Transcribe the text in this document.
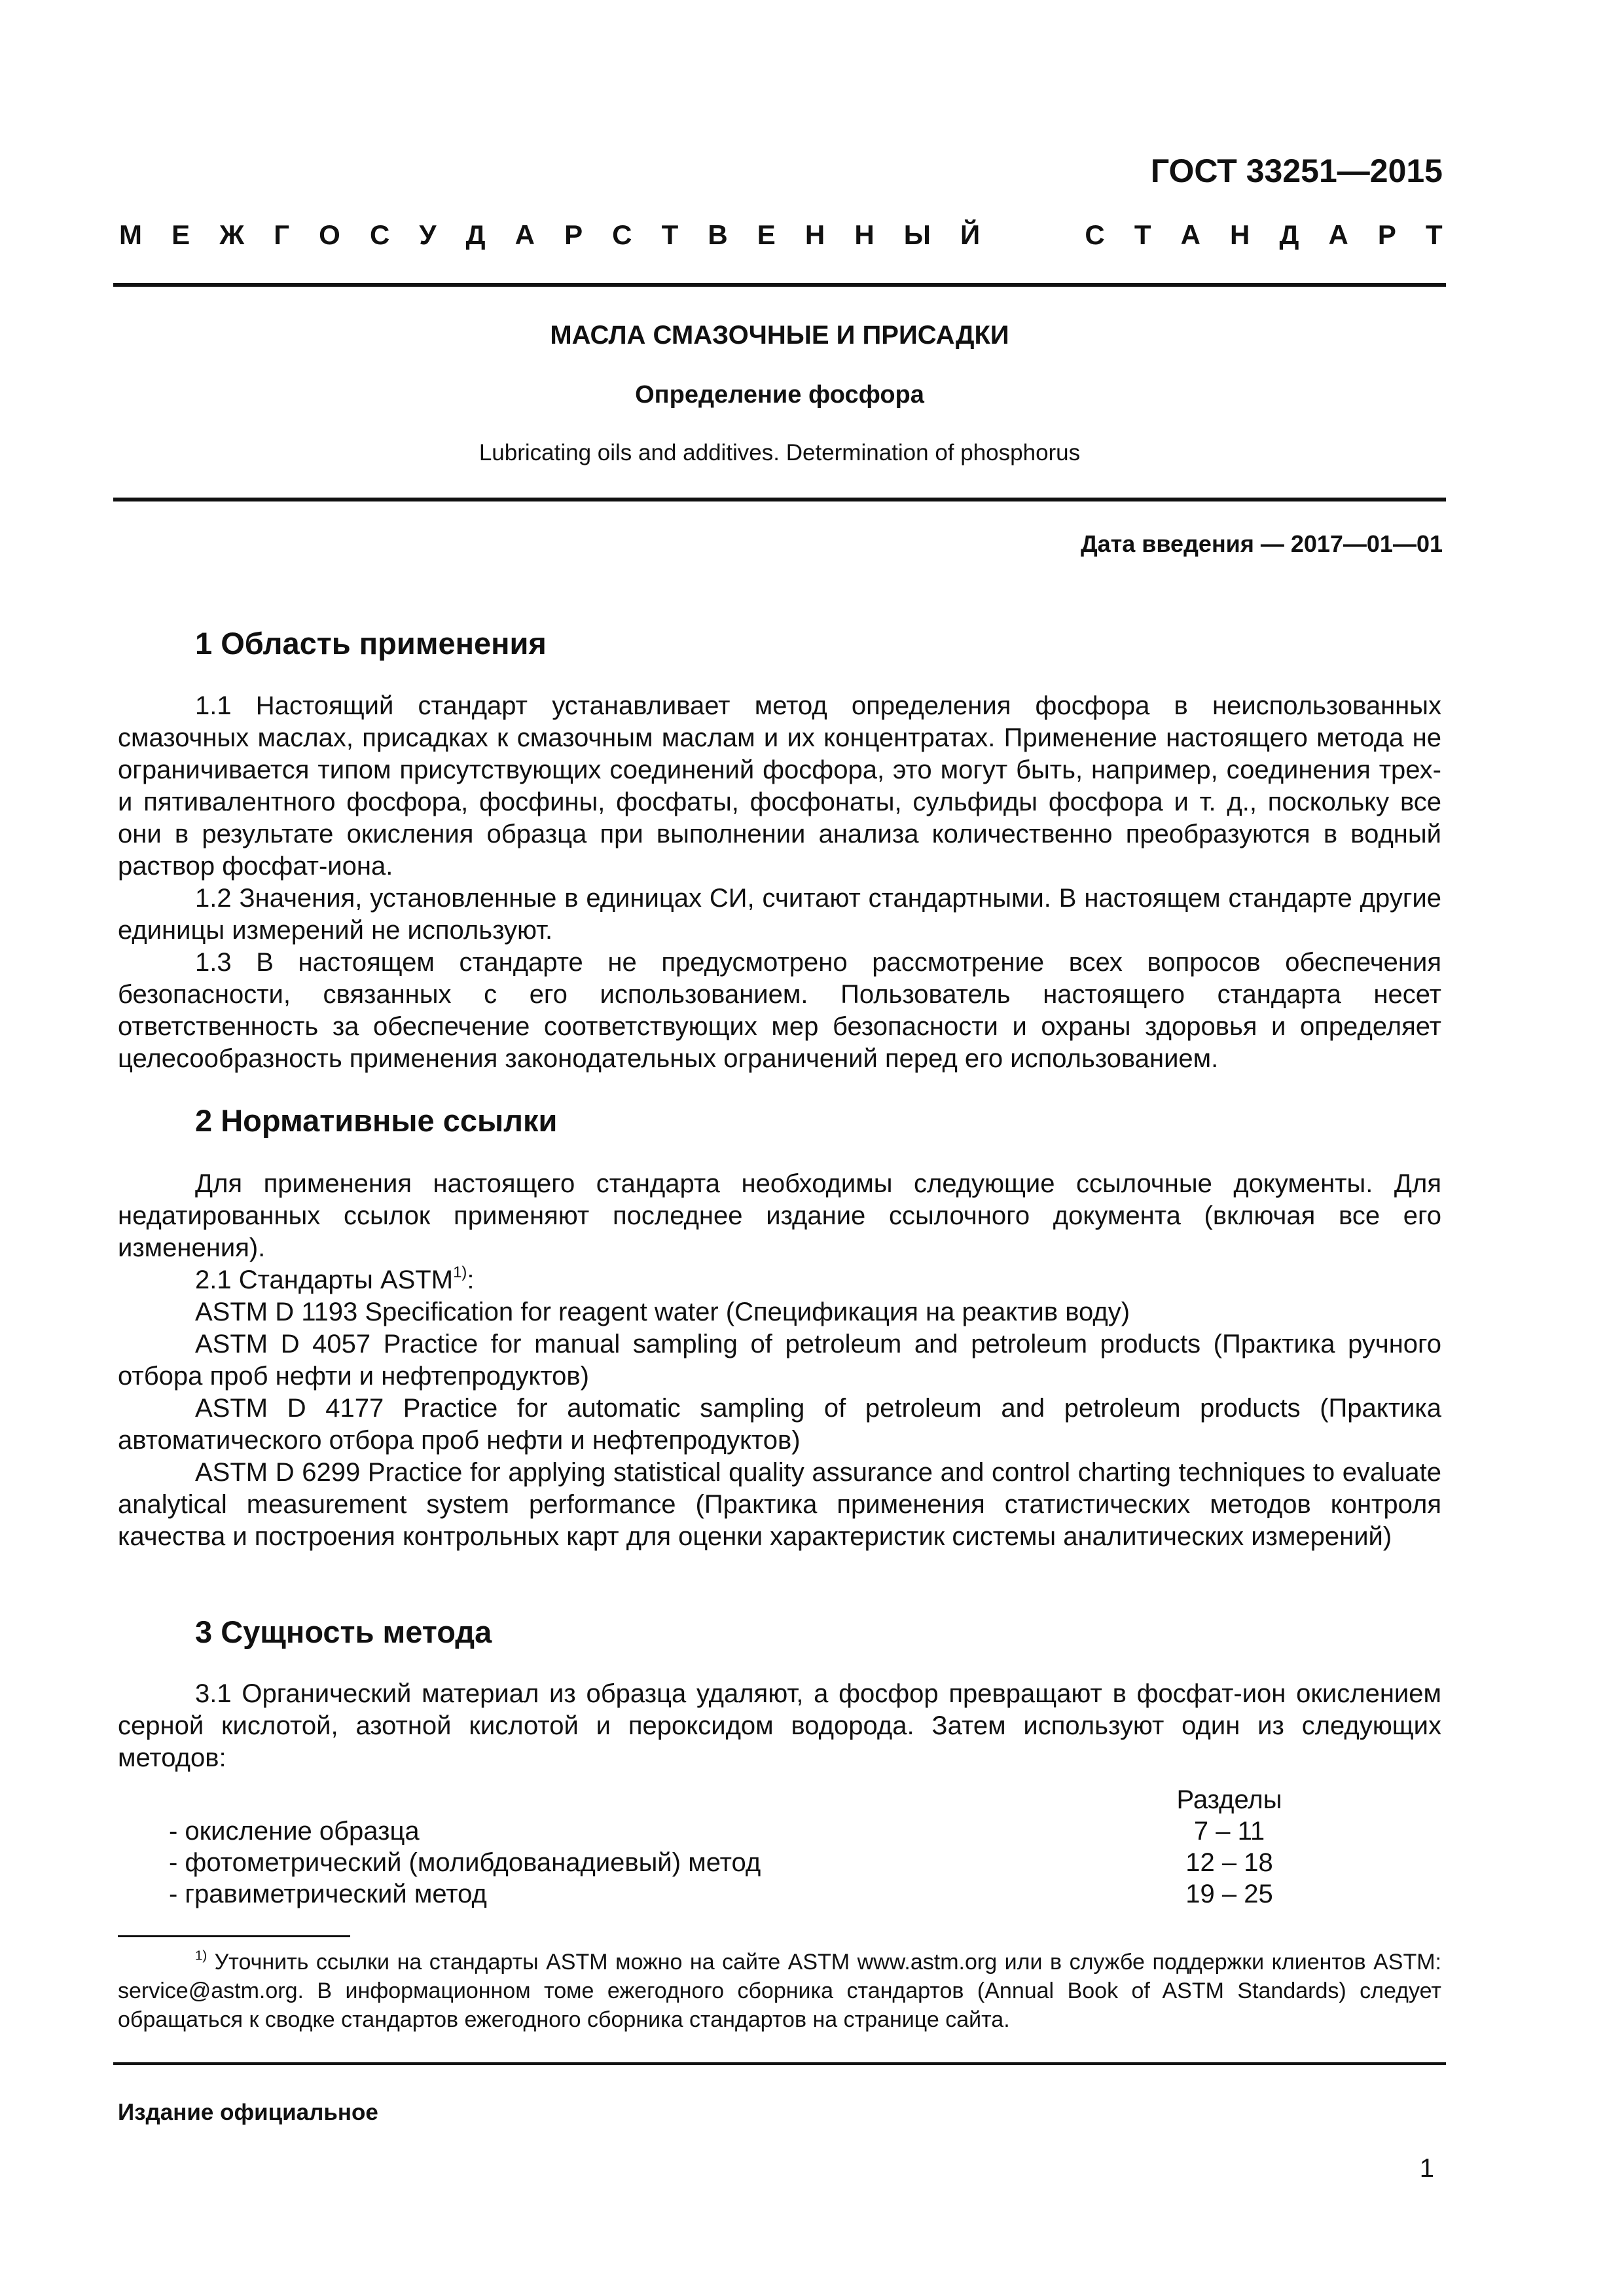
ГОСТ 33251—2015
М Е Ж Г О С У Д А Р С Т В Е Н Н Ы Й	С Т А Н Д А Р Т
МАСЛА СМАЗОЧНЫЕ И ПРИСАДКИ
Определение фосфора
Lubricating oils and additives. Determination of phosphorus
Дата введения — 2017—01—01
1 Область применения

1.1 Настоящий стандарт устанавливает метод определения фосфора в неиспользованных смазочных маслах, присадках к смазочным маслам и их концентратах. Применение настоящего метода не ограничивается типом присутствующих соединений фосфора, это могут быть, например, соединения трех- и пятивалентного фосфора, фосфины, фосфаты, фосфонаты, сульфиды фосфора и т. д., поскольку все они в результате окисления образца при выполнении анализа количественно преобразуются в водный раствор фосфат-иона.

1.2 Значения, установленные в единицах СИ, считают стандартными. В настоящем стандарте другие единицы измерений не используют.

1.3 В настоящем стандарте не предусмотрено рассмотрение всех вопросов обеспечения безопасности, связанных с его использованием. Пользователь настоящего стандарта несет ответственность за обеспечение соответствующих мер безопасности и охраны здоровья и определяет целесообразность применения законодательных ограничений перед его использованием.

2 Нормативные ссылки

Для применения настоящего стандарта необходимы следующие ссылочные документы. Для недатированных ссылок применяют последнее издание ссылочного документа (включая все его изменения).

2.1 Стандарты ASTM$^{1)}$:

ASTM D 1193 Specification for reagent water (Спецификация на реактив воду)

ASTM D 4057 Practice for manual sampling of petroleum and petroleum products (Практика ручного отбора проб нефти и нефтепродуктов)

ASTM D 4177 Practice for automatic sampling of petroleum and petroleum products (Практика автоматического отбора проб нефти и нефтепродуктов)

ASTM D 6299 Practice for applying statistical quality assurance and control charting techniques to evaluate analytical measurement system performance (Практика применения статистических методов контроля качества и построения контрольных карт для оценки характеристик системы аналитических измерений)

3 Сущность метода

3.1 Органический материал из образца удаляют, а фосфор превращают в фосфат-ион окислением серной кислотой, азотной кислотой и пероксидом водорода. Затем используют один из следующих методов:

Разделы
- окисление образца	7 – 11
- фотометрический (молибдованадиевый) метод	12 – 18
- гравиметрический метод	19 – 25
$^{1)}$ Уточнить ссылки на стандарты ASTM можно на сайте ASTM www.astm.org или в службе поддержки клиентов ASTM: service@astm.org. В информационном томе ежегодного сборника стандартов (Annual Book of ASTM Standards) следует обращаться к сводке стандартов ежегодного сборника стандартов на странице сайта.
Издание официальное
1
